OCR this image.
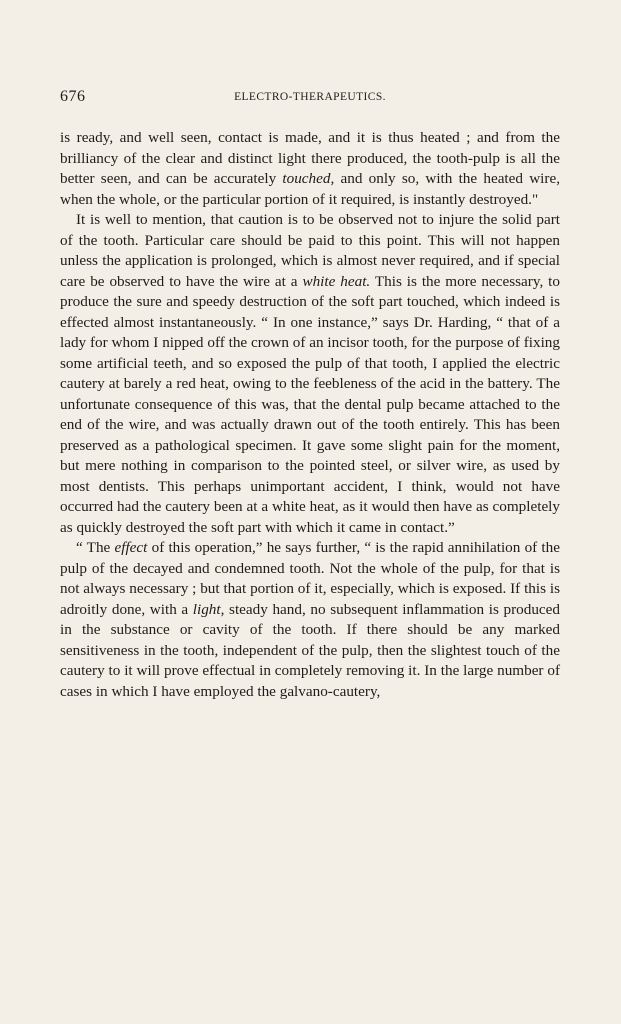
676	ELECTRO-THERAPEUTICS.

is ready, and well seen, contact is made, and it is thus heated ; and from the brilliancy of the clear and distinct light there produced, the tooth-pulp is all the better seen, and can be accurately touched, and only so, with the heated wire, when the whole, or the particular portion of it required, is instantly destroyed."

It is well to mention, that caution is to be observed not to injure the solid part of the tooth. Particular care should be paid to this point. This will not happen unless the application is prolonged, which is almost never required, and if special care be observed to have the wire at a white heat. This is the more necessary, to produce the sure and speedy destruction of the soft part touched, which indeed is effected almost instantaneously. “ In one instance,” says Dr. Harding, “ that of a lady for whom I nipped off the crown of an incisor tooth, for the purpose of fixing some artificial teeth, and so exposed the pulp of that tooth, I applied the electric cautery at barely a red heat, owing to the feebleness of the acid in the battery. The unfortunate consequence of this was, that the dental pulp became attached to the end of the wire, and was actually drawn out of the tooth entirely. This has been preserved as a pathological specimen. It gave some slight pain for the moment, but mere nothing in comparison to the pointed steel, or silver wire, as used by most dentists. This perhaps unimportant accident, I think, would not have occurred had the cautery been at a white heat, as it would then have as completely as quickly destroyed the soft part with which it came in contact.”

“ The effect of this operation,” he says further, “ is the rapid annihilation of the pulp of the decayed and condemned tooth. Not the whole of the pulp, for that is not always necessary ; but that portion of it, especially, which is exposed. If this is adroitly done, with a light, steady hand, no subsequent inflammation is produced in the substance or cavity of the tooth. If there should be any marked sensitiveness in the tooth, independent of the pulp, then the slightest touch of the cautery to it will prove effectual in completely removing it. In the large number of cases in which I have employed the galvano-cautery,
